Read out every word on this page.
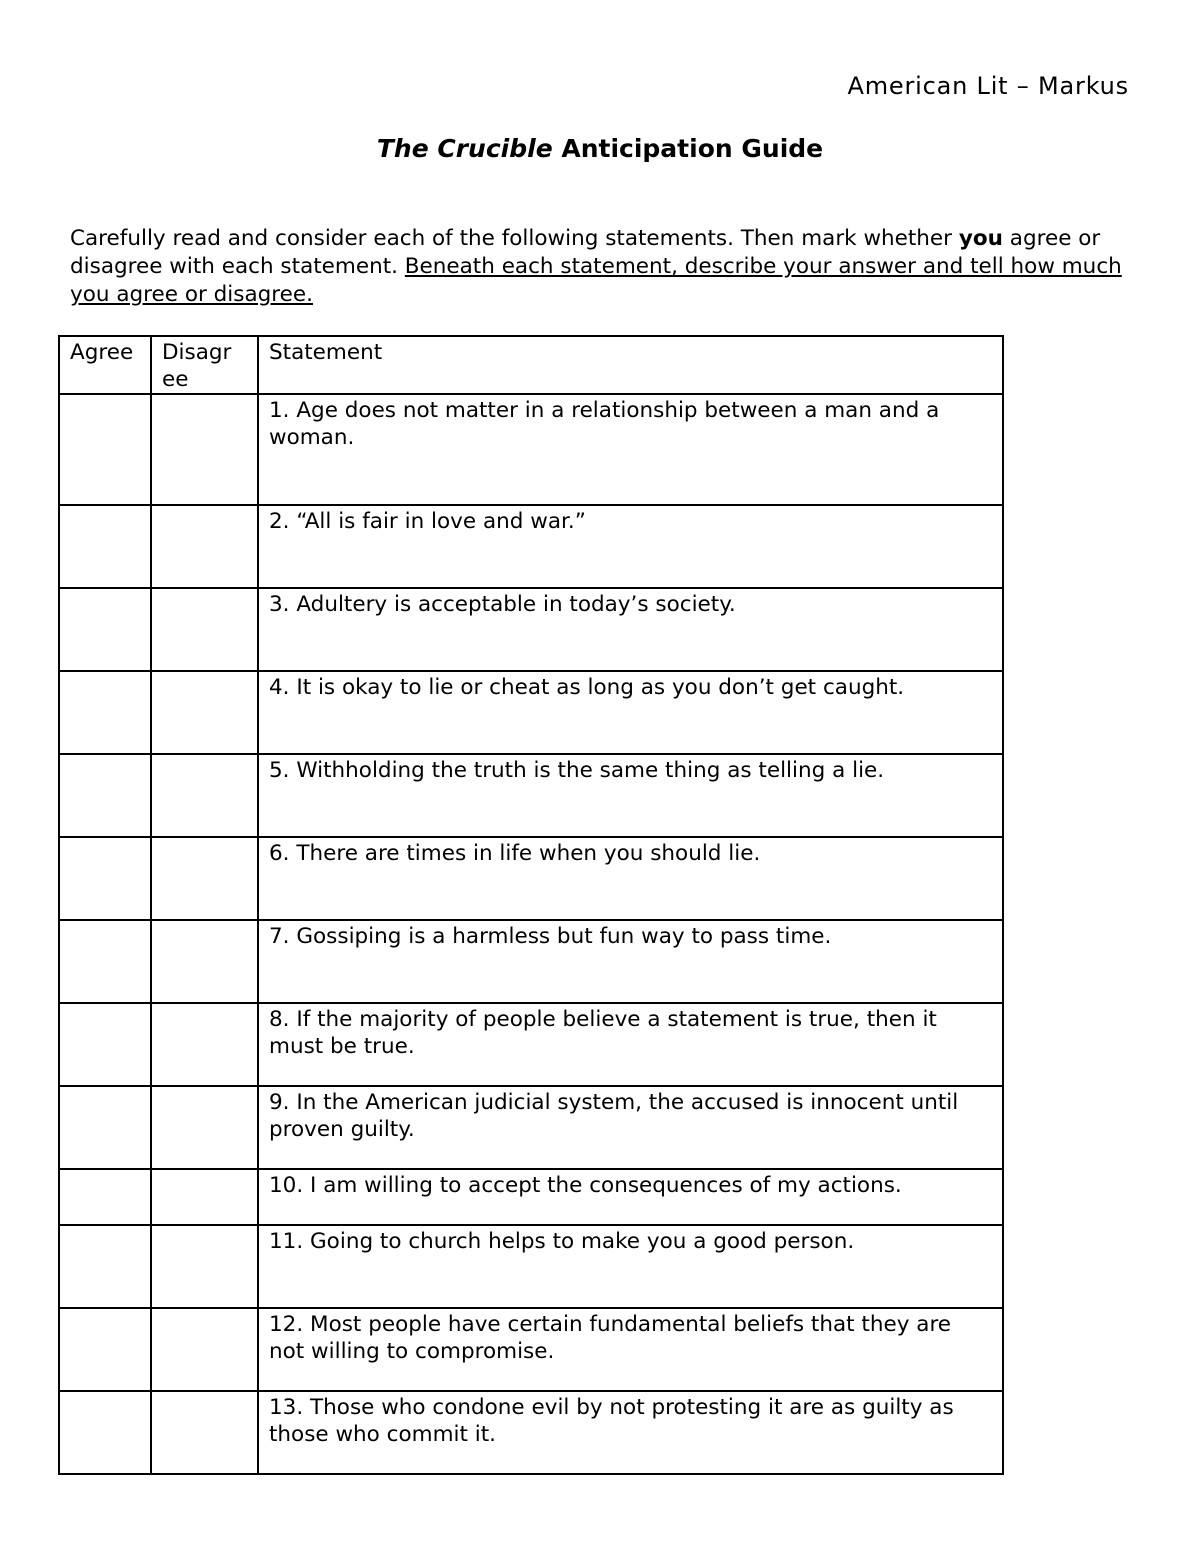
American Lit – Markus
The Crucible Anticipation Guide
Carefully read and consider each of the following statements. Then mark whether you agree or disagree with each statement. Beneath each statement, describe your answer and tell how much you agree or disagree.
Agree	Disagr ee	Statement
		1. Age does not matter in a relationship between a man and a woman.
		2. “All is fair in love and war.”
		3. Adultery is acceptable in today’s society.
		4. It is okay to lie or cheat as long as you don’t get caught.
		5. Withholding the truth is the same thing as telling a lie.
		6. There are times in life when you should lie.
		7. Gossiping is a harmless but fun way to pass time.
		8. If the majority of people believe a statement is true, then it must be true.
		9. In the American judicial system, the accused is innocent until proven guilty.
		10. I am willing to accept the consequences of my actions.
		11. Going to church helps to make you a good person.
		12. Most people have certain fundamental beliefs that they are not willing to compromise.
		13. Those who condone evil by not protesting it are as guilty as those who commit it.
